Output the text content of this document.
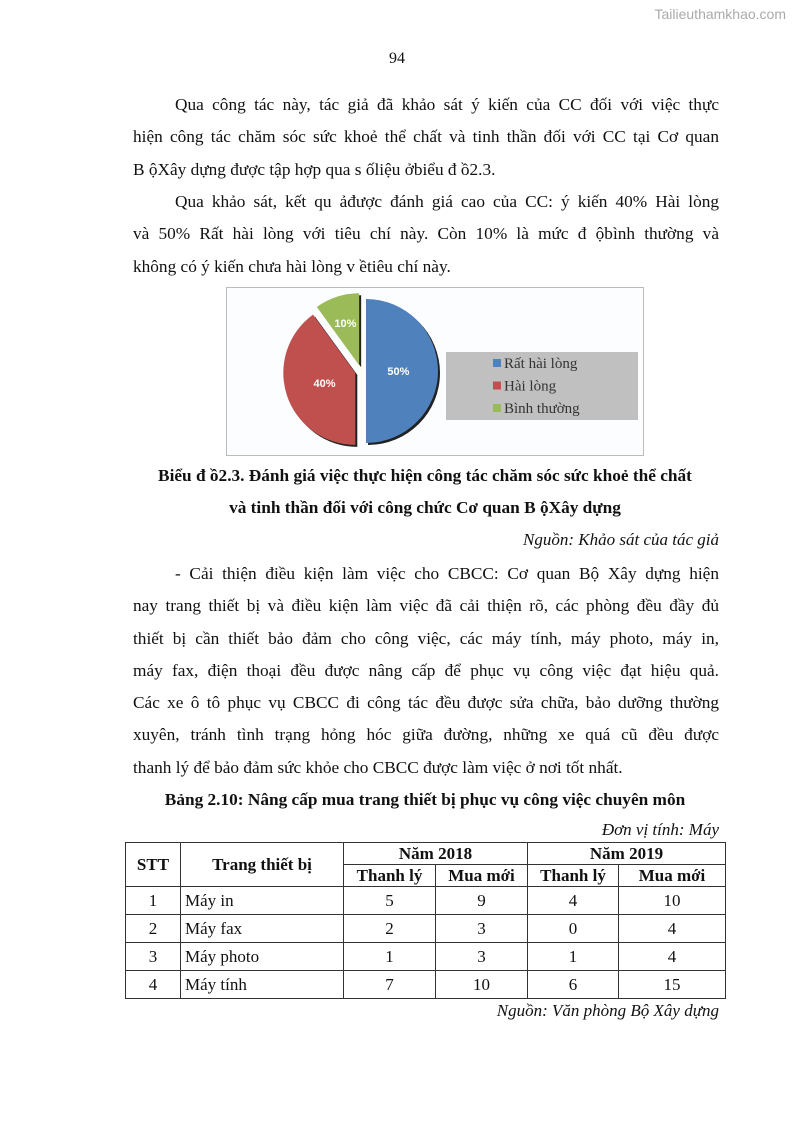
Tailieuthamkhao.com
94
Qua công tác này, tác giả đã khảo sát ý kiến của CC đối với việc thực
hiện công tác chăm sóc sức khoẻ thể chất và tinh thần đối với CC tại Cơ quan
B ộXây dựng được tập hợp qua s ốliệu ởbiểu đ ồ2.3.
Qua khảo sát, kết qu ảđược đánh giá cao của CC: ý kiến 40% Hài lòng
và 50% Rất hài lòng với tiêu chí này. Còn 10% là mức đ ộbình thường và
không có ý kiến chưa hài lòng v ềtiêu chí này.
50%
40%
10%
Rất hài lòng
Hài lòng
Bình thường
Biểu đ ồ2.3. Đánh giá việc thực hiện công tác chăm sóc sức khoẻ thể chất
và tinh thần đối với công chức Cơ quan B ộXây dựng
Nguồn: Khảo sát của tác giả
- Cải thiện điều kiện làm việc cho CBCC: Cơ quan Bộ Xây dựng hiện
nay trang thiết bị và điều kiện làm việc đã cải thiện rõ, các phòng đều đầy đủ
thiết bị cần thiết bảo đảm cho công việc, các máy tính, máy photo, máy in,
máy fax, điện thoại đều được nâng cấp để phục vụ công việc đạt hiệu quả.
Các xe ô tô phục vụ CBCC đi công tác đều được sửa chữa, bảo dưỡng thường
xuyên, tránh tình trạng hỏng hóc giữa đường, những xe quá cũ đều được
thanh lý để bảo đảm sức khỏe cho CBCC được làm việc ở nơi tốt nhất.
Bảng 2.10: Nâng cấp mua trang thiết bị phục vụ công việc chuyên môn
Đơn vị tính: Máy
STT	Trang thiết bị	Năm 2018		Năm 2019	
		Thanh lý	Mua mới	Thanh lý	Mua mới
1	Máy in	5	9	4	10
2	Máy fax	2	3	0	4
3	Máy photo	1	3	1	4
4	Máy tính	7	10	6	15
Nguồn: Văn phòng Bộ Xây dựng
